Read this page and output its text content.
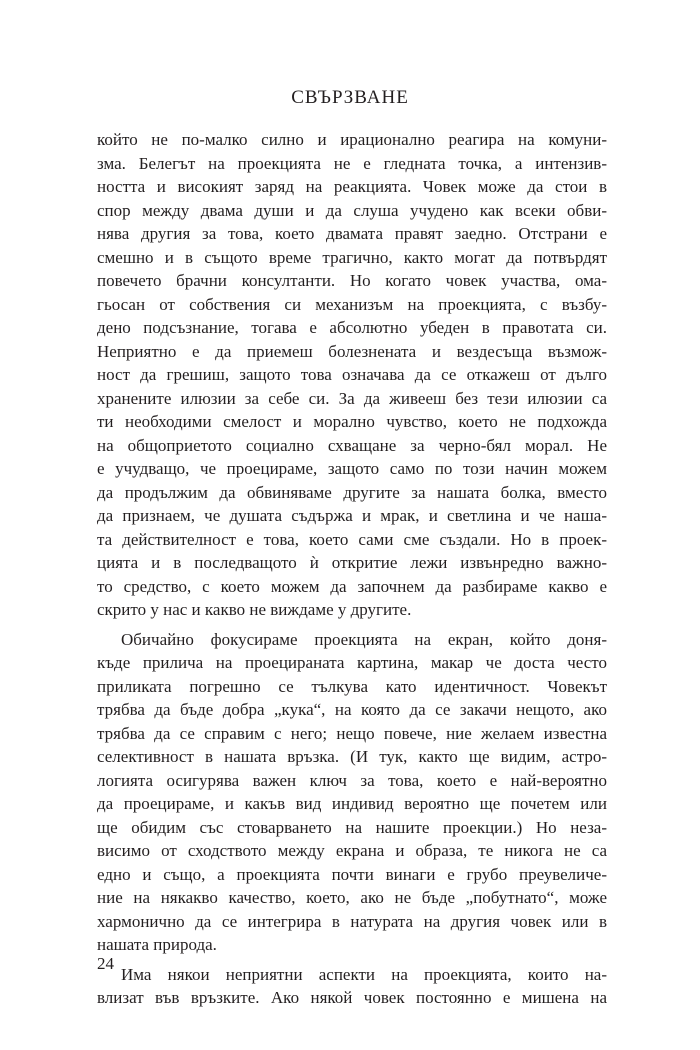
СВЪРЗВАНЕ

който не по-малко силно и ирационално реагира на комуни-
зма. Белегът на проекцията не е гледната точка, а интензив-
ността и високият заряд на реакцията. Човек може да стои в
спор между двама души и да слуша учудено как всеки обви-
нява другия за това, което двамата правят заедно. Отстрани е
смешно и в същото време трагично, както могат да потвърдят
повечето брачни консултанти. Но когато човек участва, ома-
гьосан от собствения си механизъм на проекцията, с възбу-
дено подсъзнание, тогава е абсолютно убеден в правотата си.
Неприятно е да приемеш болезнената и вездесъща възмож-
ност да грешиш, защото това означава да се откажеш от дълго
хранените илюзии за себе си. За да живееш без тези илюзии са
ти необходими смелост и морално чувство, което не подхожда
на общоприетото социално схващане за черно-бял морал. Не
е учудващо, че проецираме, защото само по този начин можем
да продължим да обвиняваме другите за нашата болка, вместо
да признаем, че душата съдържа и мрак, и светлина и че наша-
та действителност е това, което сами сме създали. Но в проек-
цията и в последващото ѝ откритие лежи извънредно важно-
то средство, с което можем да започнем да разбираме какво е
скрито у нас и какво не виждаме у другите.

Обичайно фокусираме проекцията на екран, който доня-
къде прилича на проецираната картина, макар че доста често
приликата погрешно се тълкува като идентичност. Човекът
трябва да бъде добра „кука“, на която да се закачи нещото, ако
трябва да се справим с него; нещо повече, ние желаем известна
селективност в нашата връзка. (И тук, както ще видим, астро-
логията осигурява важен ключ за това, което е най-вероятно
да проецираме, и какъв вид индивид вероятно ще почетем или
ще обидим със стоварването на нашите проекции.) Но неза-
висимо от сходството между екрана и образа, те никога не са
едно и също, а проекцията почти винаги е грубо преувеличе-
ние на някакво качество, което, ако не бъде „побутнато“, може
хармонично да се интегрира в натурата на другия човек или в
нашата природа.

Има някои неприятни аспекти на проекцията, които на-
влизат във връзките. Ако някой човек постоянно е мишена на

24
